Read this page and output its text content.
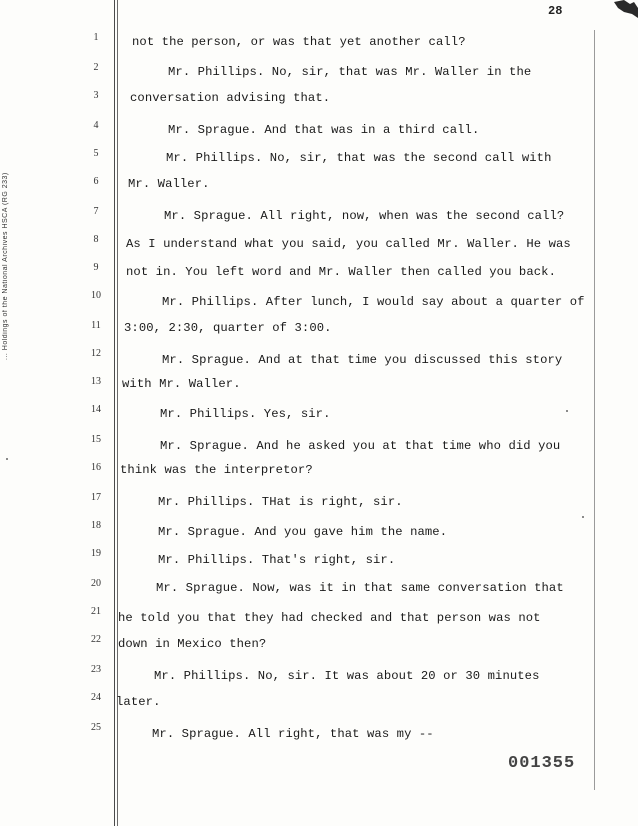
... Holdings of the National Archives HSCA (RG 233)
28
1	not the person, or was that yet another call?
2	Mr. Phillips. No, sir, that was Mr. Waller in the
3	conversation advising that.
4	Mr. Sprague. And that was in a third call.
5	Mr. Phillips. No, sir, that was the second call with
6	Mr. Waller.
7	Mr. Sprague. All right, now, when was the second call?
8	As I understand what you said, you called Mr. Waller. He was
9	not in. You left word and Mr. Waller then called you back.
10	Mr. Phillips. After lunch, I would say about a quarter of
11	3:00, 2:30, quarter of 3:00.
12	Mr. Sprague. And at that time you discussed this story
13	with Mr. Waller.
14	Mr. Phillips. Yes, sir.
15	Mr. Sprague. And he asked you at that time who did you
16	think was the interpretor?
17	Mr. Phillips. THat is right, sir.
18	Mr. Sprague. And you gave him the name.
19	Mr. Phillips. That's right, sir.
20	Mr. Sprague. Now, was it in that same conversation that
21	he told you that they had checked and that person was not
22	down in Mexico then?
23	Mr. Phillips. No, sir. It was about 20 or 30 minutes
24	later.
25	Mr. Sprague. All right, that was my --
001355
